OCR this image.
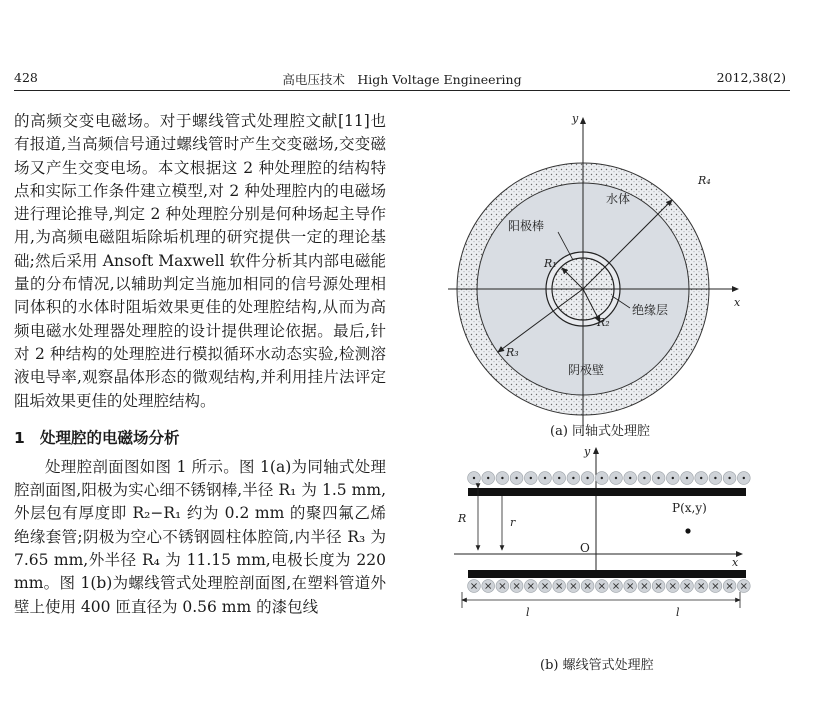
428	高电压技术　High Voltage Engineering	2012,38(2)

的高频交变电磁场。对于螺线管式处理腔文献[11]也有报道,当高频信号通过螺线管时产生交变磁场,交变磁场又产生交变电场。本文根据这 2 种处理腔的结构特点和实际工作条件建立模型,对 2 种处理腔内的电磁场进行理论推导,判定 2 种处理腔分别是何种场起主导作用,为高频电磁阻垢除垢机理的研究提供一定的理论基础;然后采用 Ansoft Maxwell 软件分析其内部电磁能量的分布情况,以辅助判定当施加相同的信号源处理相同体积的水体时阻垢效果更佳的处理腔结构,从而为高频电磁水处理器处理腔的设计提供理论依据。最后,针对 2 种结构的处理腔进行模拟循环水动态实验,检测溶液电导率,观察晶体形态的微观结构,并利用挂片法评定阻垢效果更佳的处理腔结构。

1 处理腔的电磁场分析

处理腔剖面图如图 1 所示。图 1(a)为同轴式处理腔剖面图,阳极为实心细不锈钢棒,半径 R₁ 为 1.5 mm,外层包有厚度即 R₂−R₁ 约为 0.2 mm 的聚四氟乙烯绝缘套管;阴极为空心不锈钢圆柱体腔筒,内半径 R₃ 为 7.65 mm,外半径 R₄ 为 11.15 mm,电极长度为 220 mm。图 1(b)为螺线管式处理腔剖面图,在塑料管道外壁上使用 400 匝直径为 0.56 mm 的漆包线

y
x
水体
阳极棒
绝缘层
阴极壁
R₄
R₃
R₁
R₂
y
x
R	r
P(x,y)
O
l	l
(a) 同轴式处理腔
(b) 螺线管式处理腔
